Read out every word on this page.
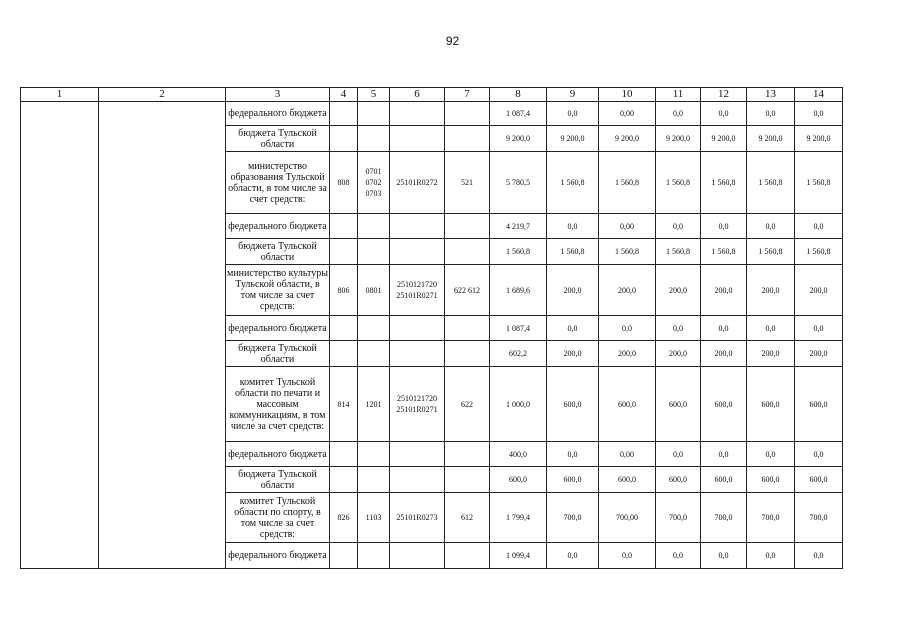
92
1	2	3	4	5	6	7	8	9	10	11	12	13	14
		федерального бюджета					1 087,4	0,0	0,00	0,0	0,0	0,0	0,0
		бюджета Тульской области					9 200,0	9 200,0	9 200,0	9 200,0	9 200,0	9 200,0	9 200,0
		министерство образования Тульской области, в том числе за счет средств:	808	0701 0702 0703	25101R0272	521	5 780,5	1 560,8	1 560,8	1 560,8	1 560,8	1 560,8	1 560,8
		федерального бюджета					4 219,7	0,0	0,00	0,0	0,0	0,0	0,0
		бюджета Тульской области					1 560,8	1 560,8	1 560,8	1 560,8	1 560,8	1 560,8	1 560,8
		министерство культуры Тульской области, в том числе за счет средств:	806	0801	2510121720 25101R0271	622 612	1 689,6	200,0	200,0	200,0	200,0	200,0	200,0
		федерального бюджета					1 087,4	0,0	0,0	0,0	0,0	0,0	0,0
		бюджета Тульской области					602,2	200,0	200,0	200,0	200,0	200,0	200,0
		комитет Тульской области по печати и массовым коммуникациям, в том числе за счет средств:	814	1201	2510121720 25101R0271	622	1 000,0	600,0	600,0	600,0	600,0	600,0	600,0
		федерального бюджета					400,0	0,0	0,00	0,0	0,0	0,0	0,0
		бюджета Тульской области					600,0	600,0	600,0	600,0	600,0	600,0	600,0
		комитет Тульской области по спорту, в том числе за счет средств:	826	1103	25101R0273	612	1 799,4	700,0	700,00	700,0	700,0	700,0	700,0
		федерального бюджета					1 099,4	0,0	0,0	0,0	0,0	0,0	0,0
